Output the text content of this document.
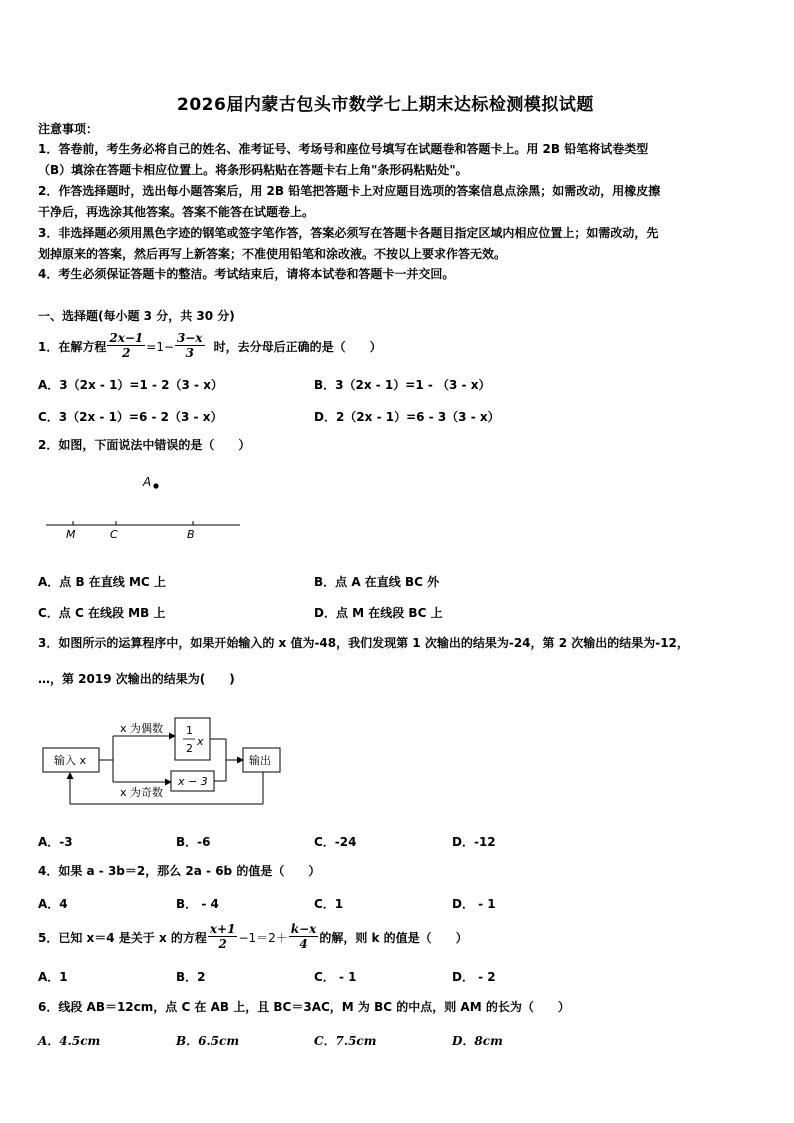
2026届内蒙古包头市数学七上期末达标检测模拟试题
注意事项：
1．答卷前，考生务必将自己的姓名、准考证号、考场号和座位号填写在试题卷和答题卡上。用 2B 铅笔将试卷类型
（B）填涂在答题卡相应位置上。将条形码粘贴在答题卡右上角"条形码粘贴处"。
2．作答选择题时，选出每小题答案后，用 2B 铅笔把答题卡上对应题目选项的答案信息点涂黑；如需改动，用橡皮擦
干净后，再选涂其他答案。答案不能答在试题卷上。
3．非选择题必须用黑色字迹的钢笔或签字笔作答，答案必须写在答题卡各题目指定区域内相应位置上；如需改动，先
划掉原来的答案，然后再写上新答案；不准使用铅笔和涂改液。不按以上要求作答无效。
4．考生必须保证答题卡的整洁。考试结束后，请将本试卷和答题卡一并交回。
一、选择题(每小题 3 分，共 30 分)
1．在解方程 $\frac{2x-1}{2} =1- \frac{3-x}{3}$ 时，去分母后正确的是（　　）
A．3（2x - 1）=1 - 2（3 - x）	B．3（2x - 1）=1 - （3 - x）
C．3（2x - 1）=6 - 2（3 - x）	D．2（2x - 1）=6 - 3（3 - x）
2．如图，下面说法中错误的是（　　）
A
M	C	B
A．点 B 在直线 MC 上	B．点 A 在直线 BC 外
C．点 C 在线段 MB 上	D．点 M 在线段 BC 上
3．如图所示的运算程序中，如果开始输入的 x 值为-48，我们发现第 1 次输出的结果为-24，第 2 次输出的结果为-12，
…，第 2019 次输出的结果为(　　)
输入 x
x 为偶数
x 为奇数
1
2
x
x − 3
输出
A．-3	B．-6	C．-24	D．-12
4．如果 a - 3b＝2，那么 2a - 6b 的值是（　　）
A．4	B． - 4	C．1	D． - 1
5．已知 x＝4 是关于 x 的方程 $\frac{x+1}{2} -1=2+ \frac{k-x}{4}$ 的解，则 k 的值是（　　）
A．1	B．2	C． - 1	D． - 2
6．线段 AB＝12cm，点 C 在 AB 上，且 BC＝3AC，M 为 BC 的中点，则 AM 的长为（　　）
A．4.5cm	B．6.5cm	C．7.5cm	D．8cm
